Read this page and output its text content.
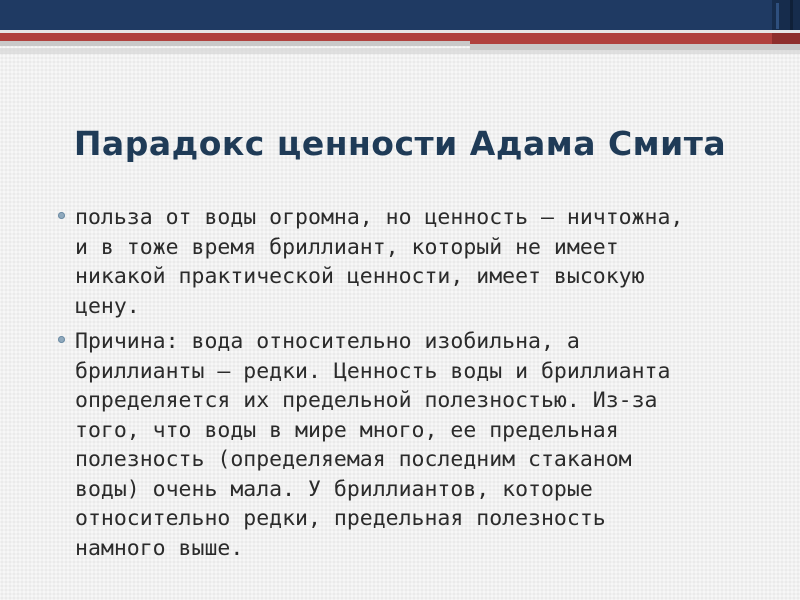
Парадокс ценности Адама Смита
польза от воды огромна, но ценность – ничтожна,
и в тоже время бриллиант, который не имеет
никакой практической ценности, имеет высокую
цену.
Причина: вода относительно изобильна, а
бриллианты – редки. Ценность воды и бриллианта
определяется их предельной полезностью. Из-за
того, что воды в мире много, ее предельная
полезность (определяемая последним стаканом
воды) очень мала. У бриллиантов, которые
относительно редки, предельная полезность
намного выше.
